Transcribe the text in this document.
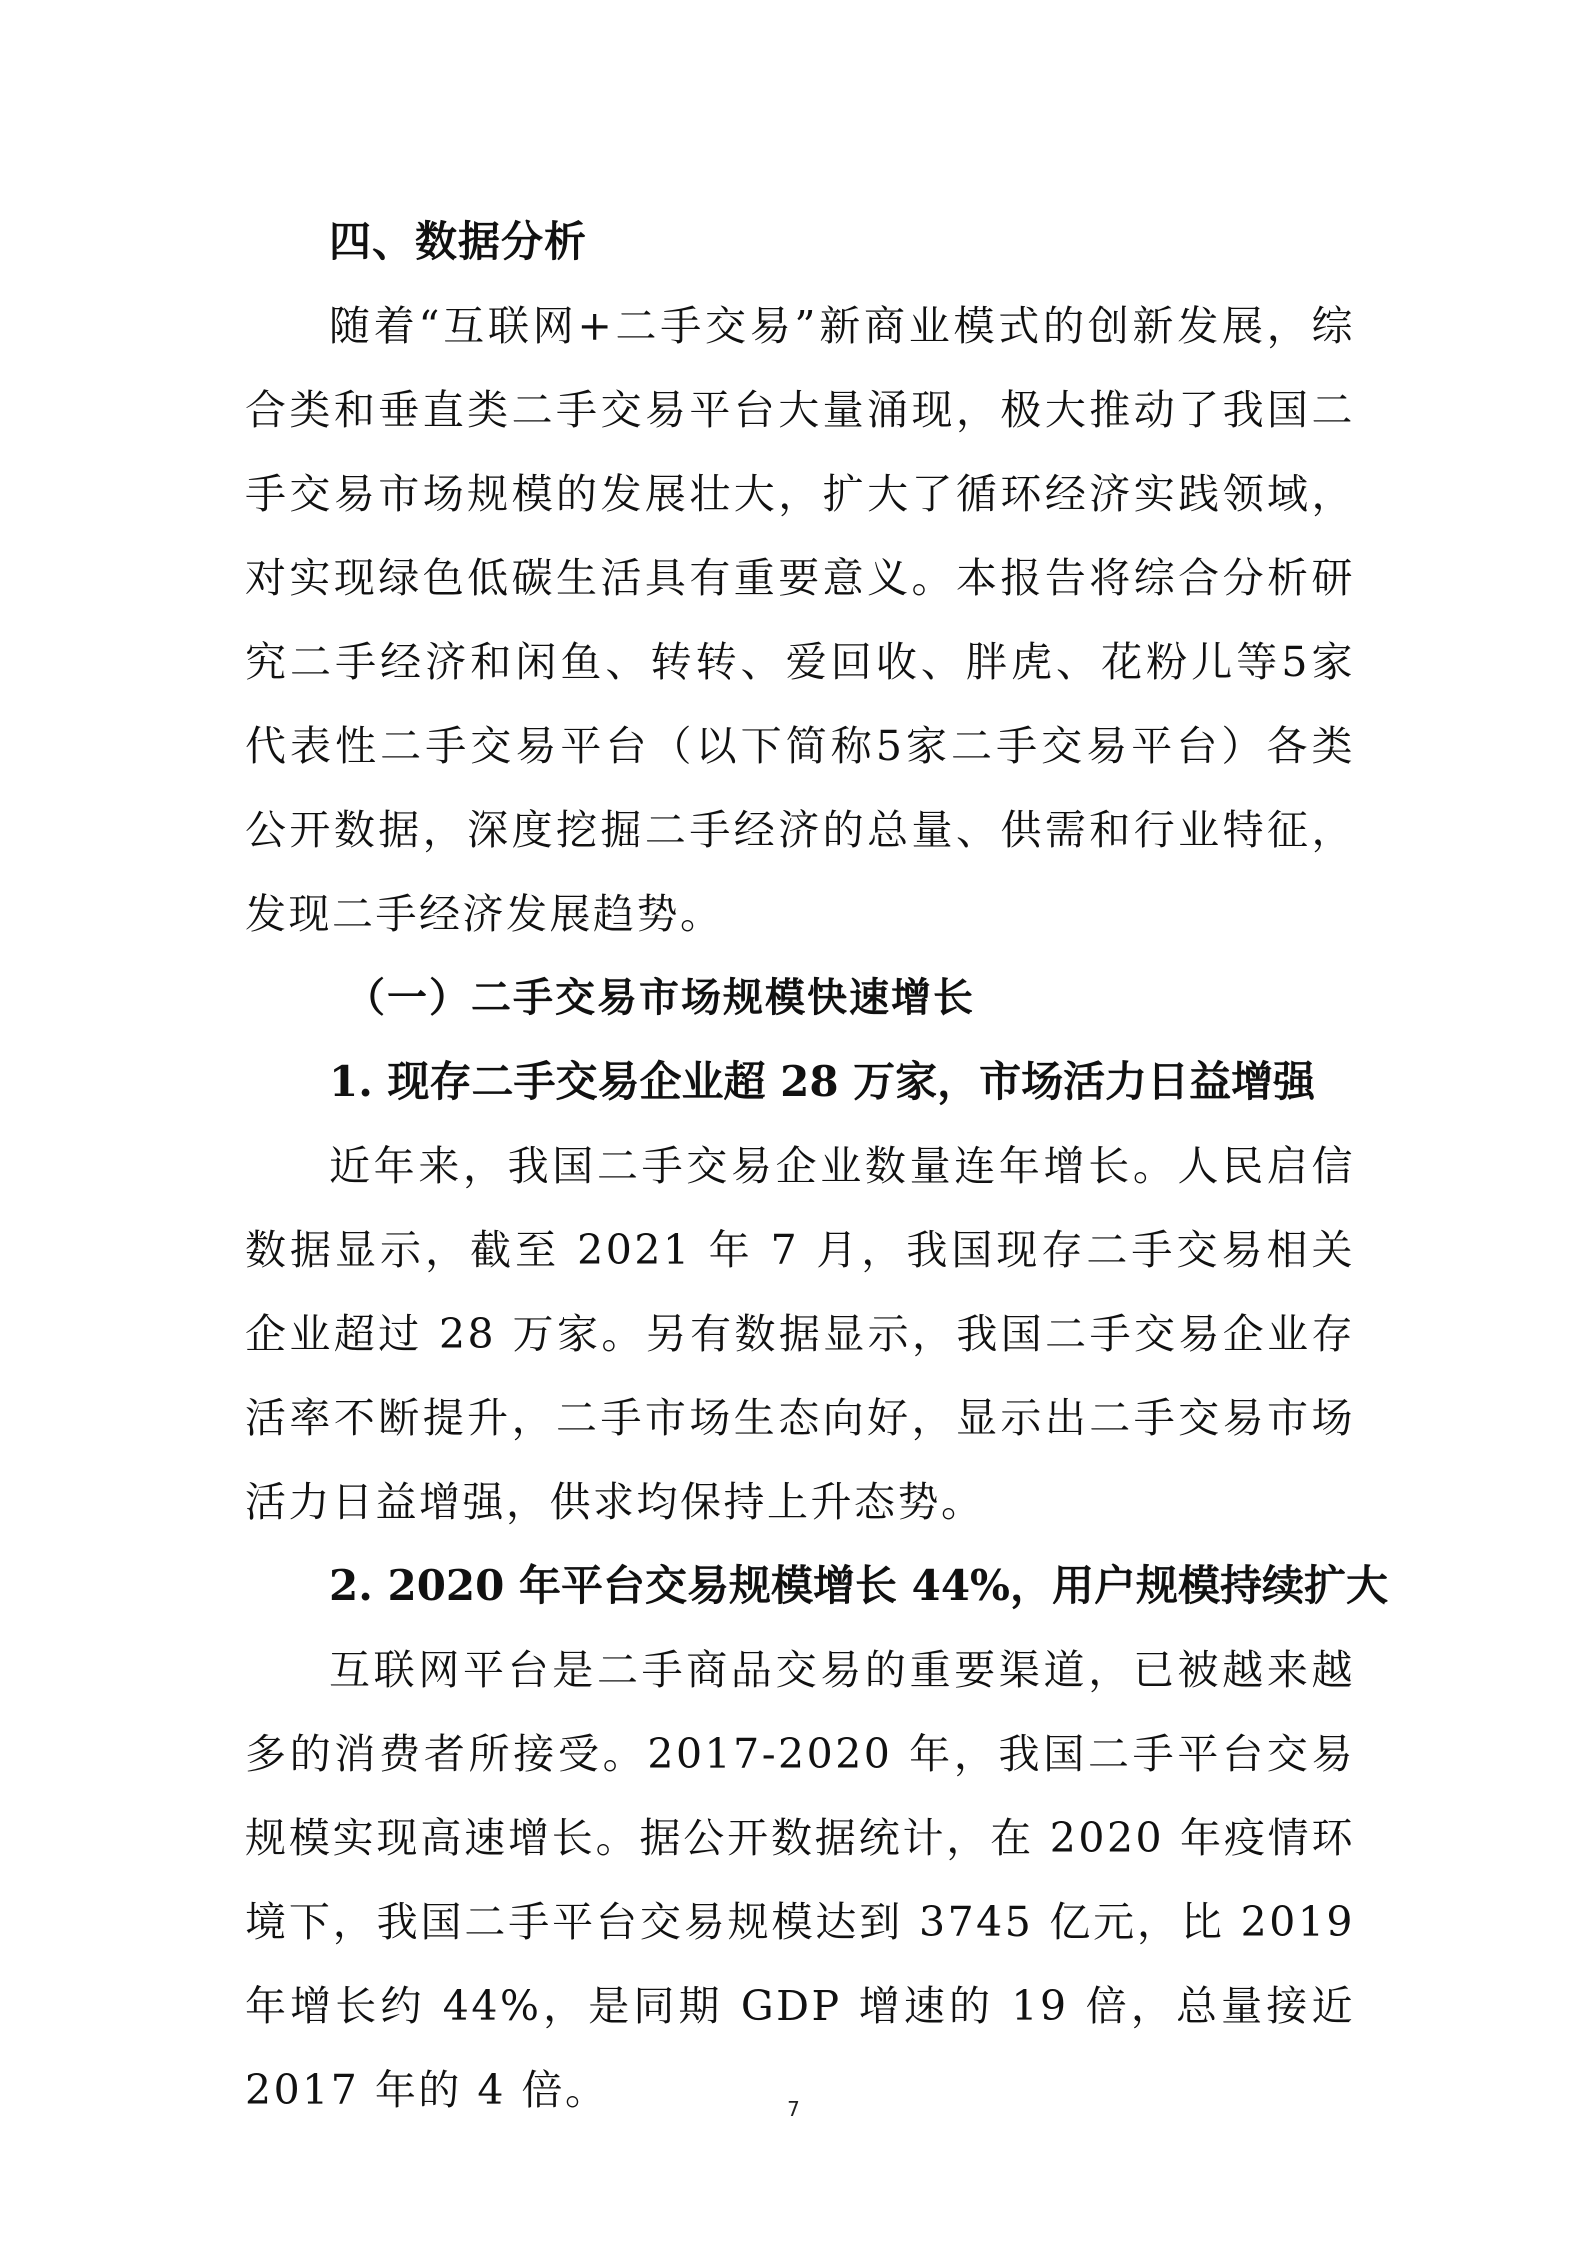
四、数据分析

随着“互联网+二手交易”新商业模式的创新发展，综合类和垂直类二手交易平台大量涌现，极大推动了我国二手交易市场规模的发展壮大，扩大了循环经济实践领域，对实现绿色低碳生活具有重要意义。本报告将综合分析研究二手经济和闲鱼、转转、爱回收、胖虎、花粉儿等5家代表性二手交易平台（以下简称5家二手交易平台）各类公开数据，深度挖掘二手经济的总量、供需和行业特征，发现二手经济发展趋势。

（一）二手交易市场规模快速增长
1. 现存二手交易企业超 28 万家，市场活力日益增强

近年来，我国二手交易企业数量连年增长。人民启信数据显示，截至 2021 年 7 月，我国现存二手交易相关企业超过 28 万家。另有数据显示，我国二手交易企业存活率不断提升，二手市场生态向好，显示出二手交易市场活力日益增强，供求均保持上升态势。

2. 2020 年平台交易规模增长 44%，用户规模持续扩大

互联网平台是二手商品交易的重要渠道，已被越来越多的消费者所接受。2017-2020 年，我国二手平台交易规模实现高速增长。据公开数据统计，在 2020 年疫情环境下，我国二手平台交易规模达到 3745 亿元，比 2019 年增长约 44%，是同期 GDP 增速的 19 倍，总量接近 2017 年的 4 倍。	7
